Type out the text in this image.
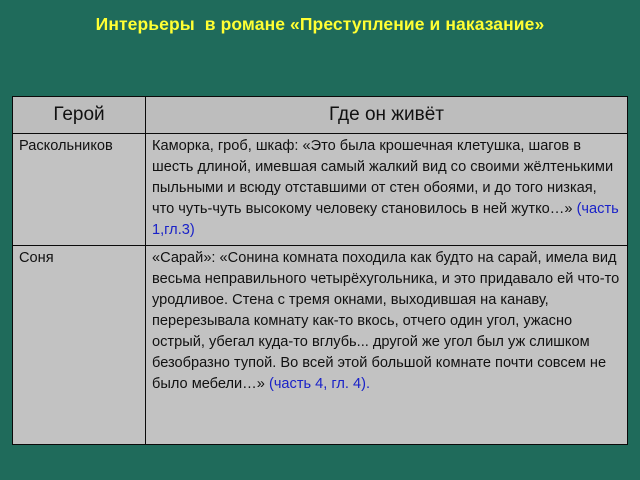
Интерьеры  в романе «Преступление и наказание»
Герой	Где он живёт
Раскольников	Каморка, гроб, шкаф: «Это была крошечная клетушка, шагов в шесть длиной, имевшая самый жалкий вид со своими жёлтенькими пыльными и всюду отставшими от стен обоями, и до того низкая, что чуть-чуть высокому человеку становилось в ней жутко…» (часть 1,гл.3)
Соня	«Сарай»: «Сонина комната походила как будто на сарай, имела вид весьма неправильного четырёхугольника, и это придавало ей что-то уродливое. Стена с тремя окнами, выходившая на канаву, перерезывала комнату как-то вкось, отчего один угол, ужасно острый, убегал куда-то вглубь... другой же угол был уж слишком безобразно тупой. Во всей этой большой комнате почти совсем не было мебели…» (часть 4, гл. 4).
